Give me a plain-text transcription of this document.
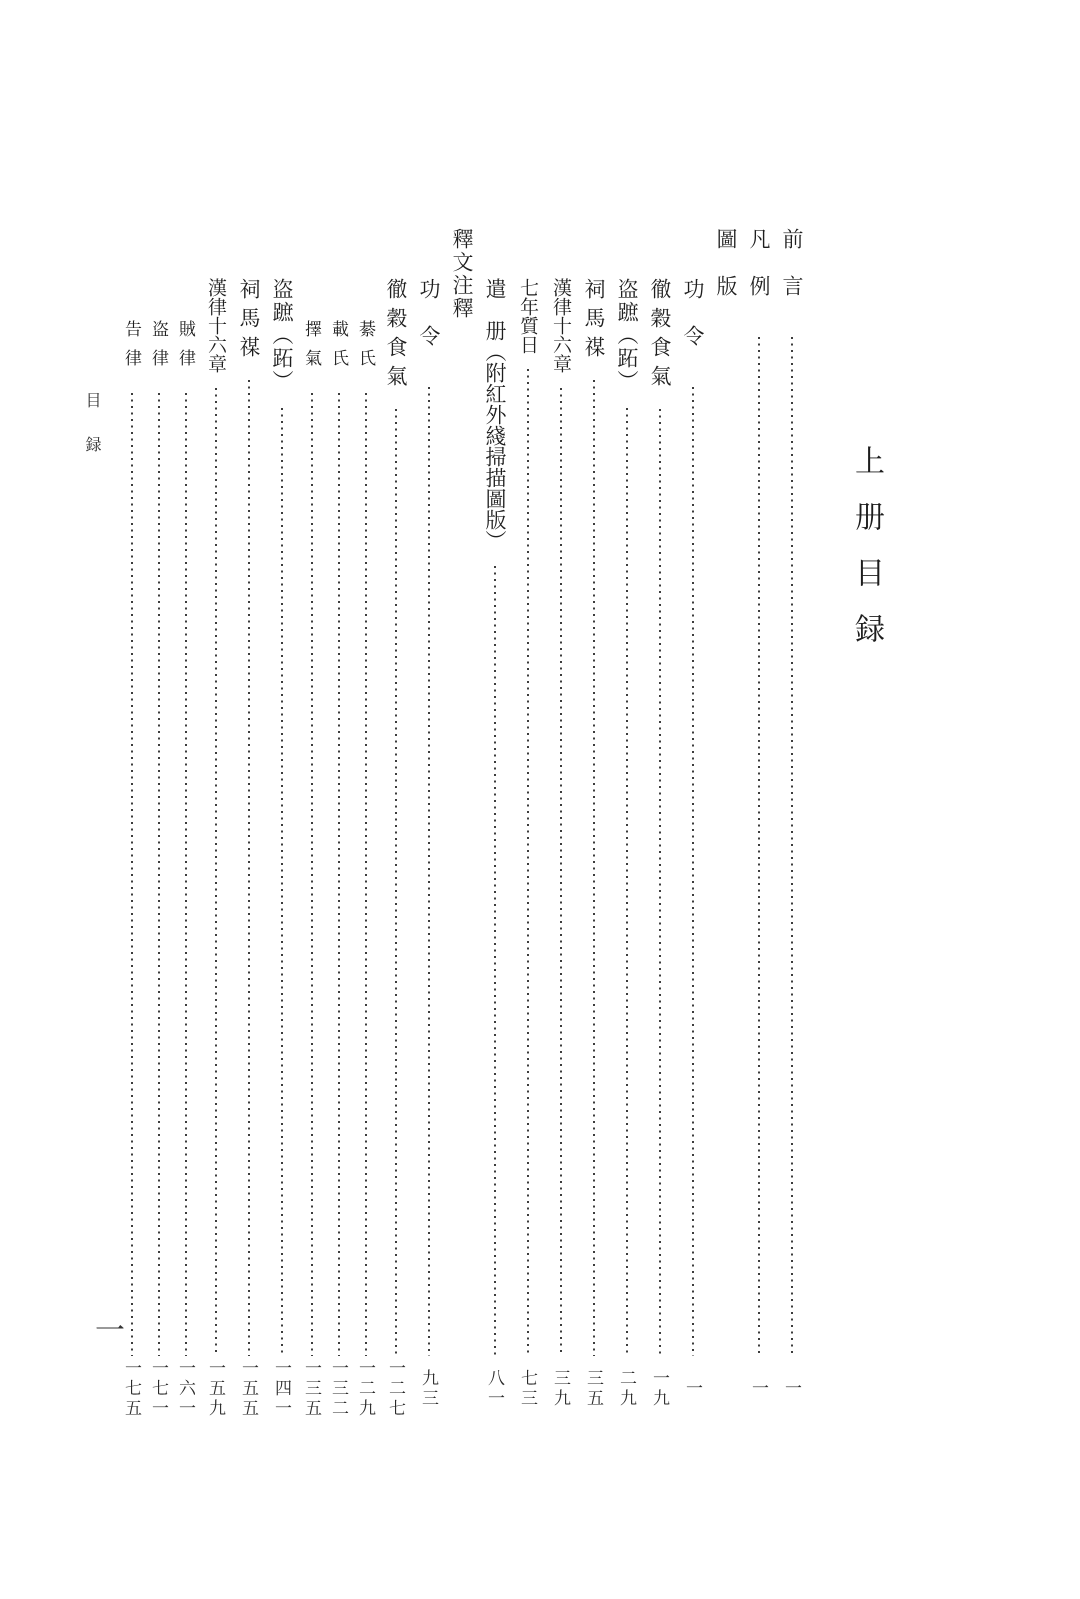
上册目録
目録
一
前言
一
凡例
一
圖版
功令
一
徹穀食氣
一九
盗蹠（跖）
二九
祠馬禖
三五
漢律十六章
三九
七年質日
七三
遣　册（附紅外綫掃描圖版）
八一
釋文注釋
功令
九三
徹穀食氣
一二七
綦氏
一二九
載氏
一三二
擇氣
一三五
盗蹠（跖）
一四一
祠馬禖
一五五
漢律十六章
一五九
賊律
一六一
盗律
一七一
告律
一七五
